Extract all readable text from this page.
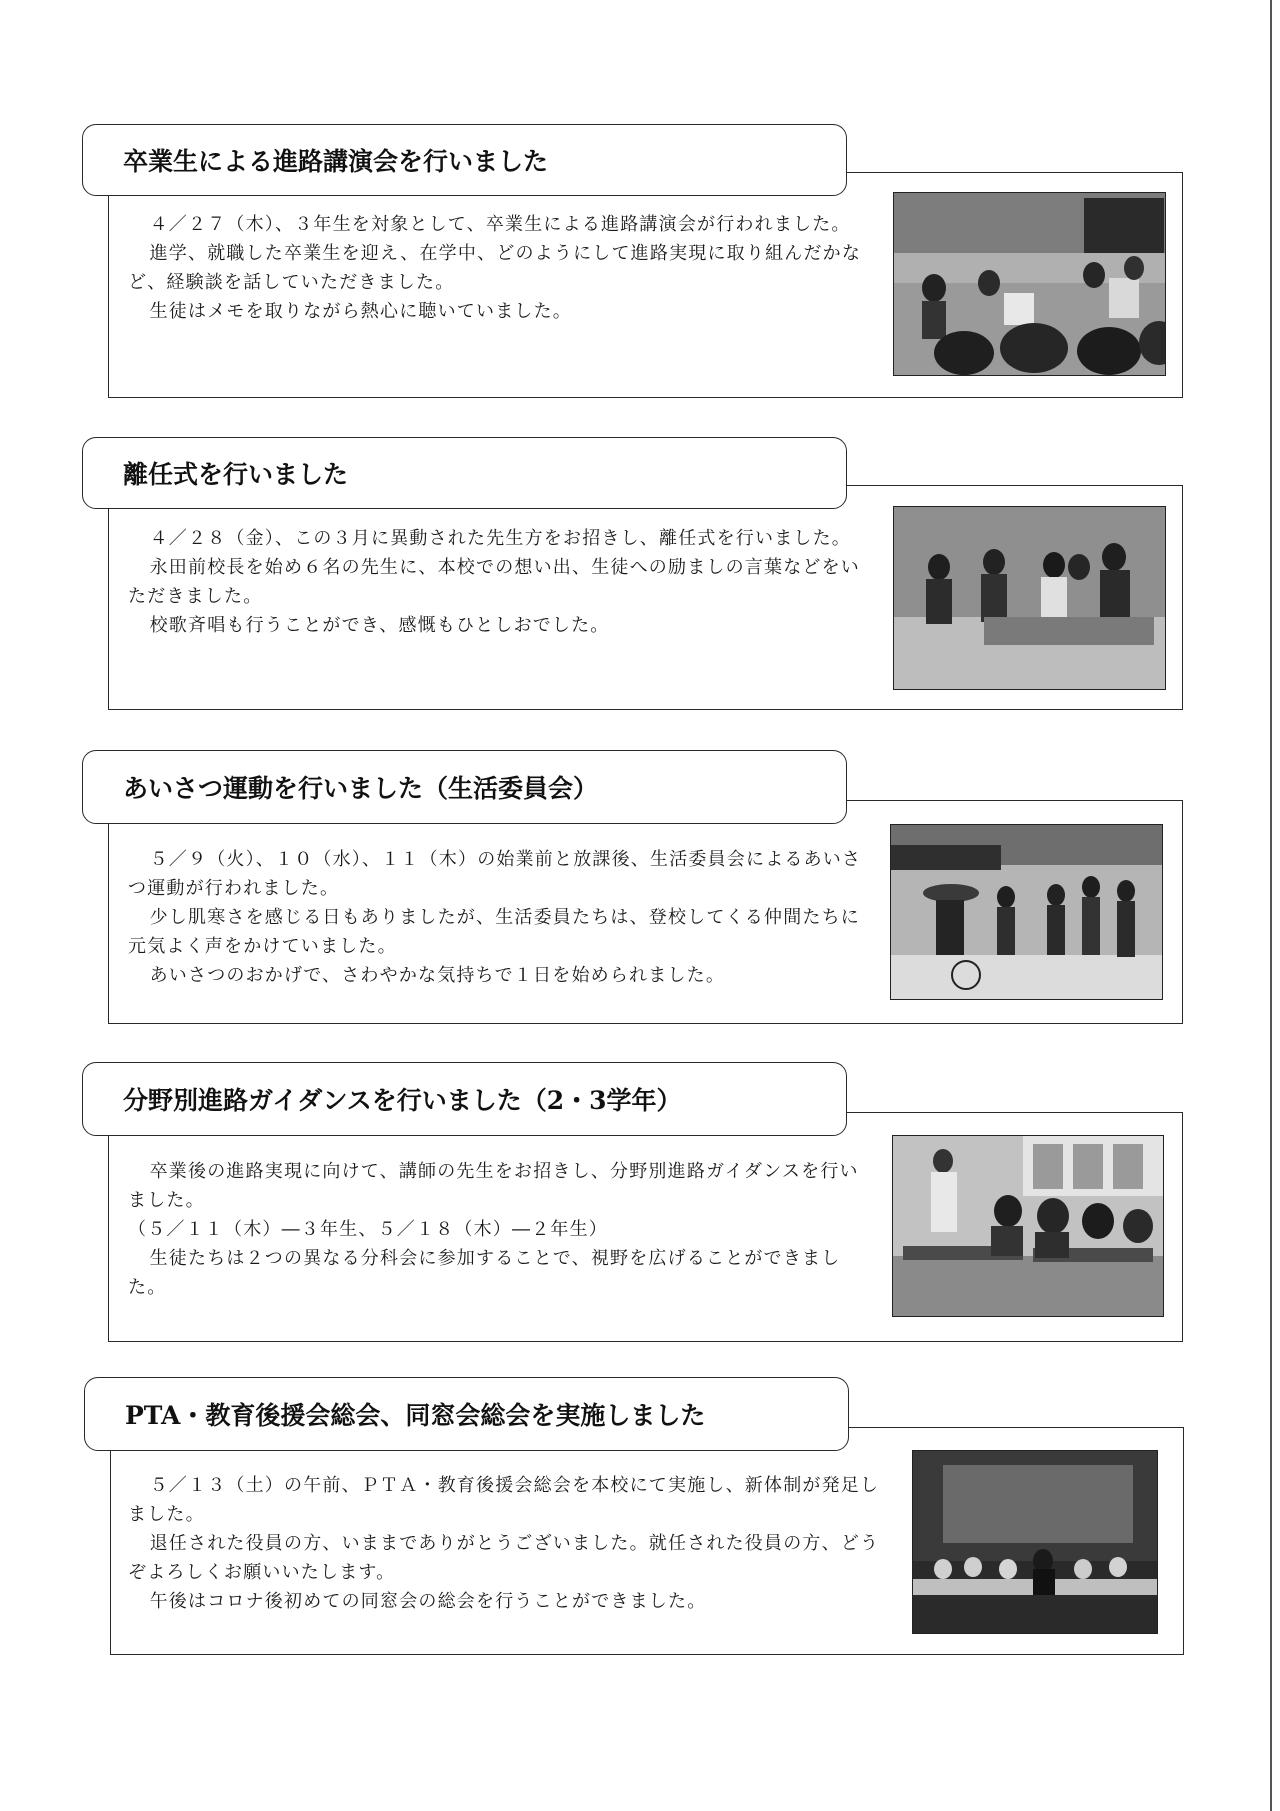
卒業生による進路講演会を行いました

４／２７（木）、３年生を対象として、卒業生による進路講演会が行われました。

進学、就職した卒業生を迎え、在学中、どのようにして進路実現に取り組んだかなど、経験談を話していただきました。

生徒はメモを取りながら熱心に聴いていました。

離任式を行いました

４／２８（金）、この３月に異動された先生方をお招きし、離任式を行いました。

永田前校長を始め６名の先生に、本校での想い出、生徒への励ましの言葉などをいただきました。

校歌斉唱も行うことができ、感慨もひとしおでした。

あいさつ運動を行いました（生活委員会）

５／９（火）、１０（水）、１１（木）の始業前と放課後、生活委員会によるあいさつ運動が行われました。

少し肌寒さを感じる日もありましたが、生活委員たちは、登校してくる仲間たちに元気よく声をかけていました。

あいさつのおかげで、さわやかな気持ちで１日を始められました。

分野別進路ガイダンスを行いました（2・3学年）

卒業後の進路実現に向けて、講師の先生をお招きし、分野別進路ガイダンスを行いました。

（５／１１（木）―３年生、５／１８（木）―２年生）

生徒たちは２つの異なる分科会に参加することで、視野を広げることができました。

PTA・教育後援会総会、同窓会総会を実施しました

５／１３（土）の午前、ＰＴＡ・教育後援会総会を本校にて実施し、新体制が発足しました。

退任された役員の方、いままでありがとうございました。就任された役員の方、どうぞよろしくお願いいたします。

午後はコロナ後初めての同窓会の総会を行うことができました。
